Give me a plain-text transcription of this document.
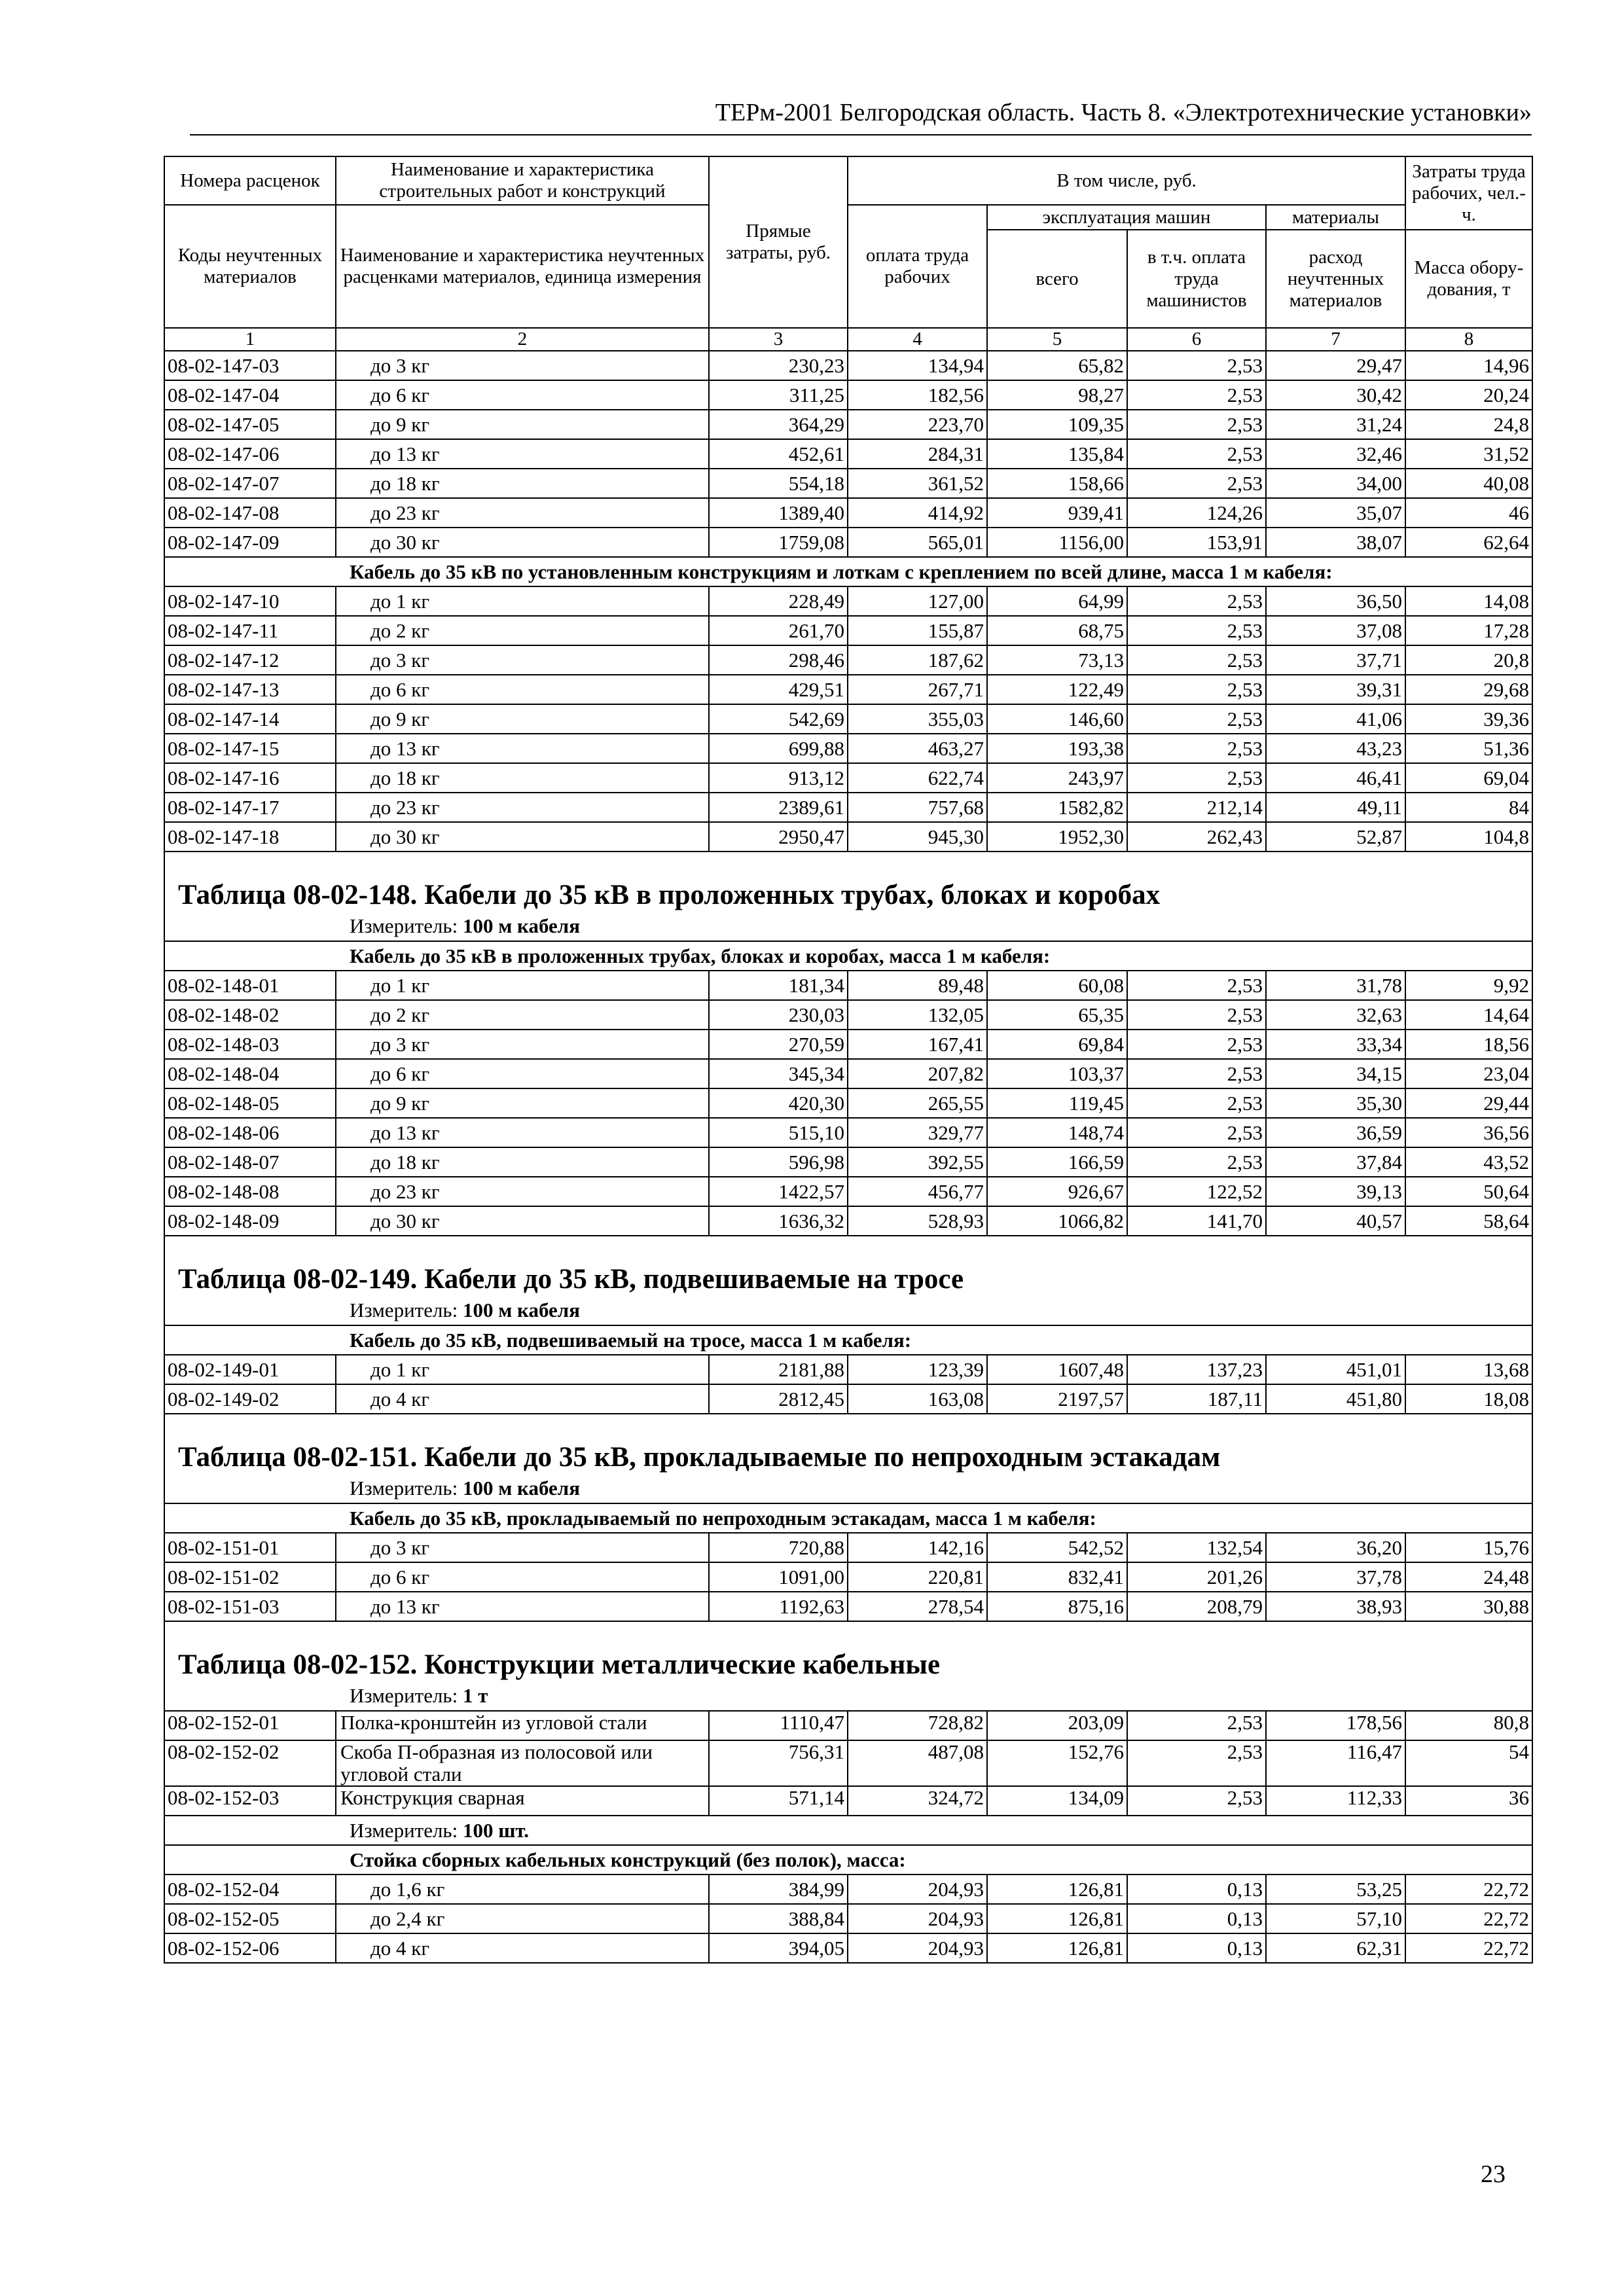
ТЕРм-2001 Белгородская область. Часть 8. «Электротехнические установки»
Номера расценок	Наименование и характеристика строительных работ и конструкций	Прямые затраты, руб.	В том числе, руб.				Затраты труда рабочих, чел.-ч.
Коды неучтенных материалов	Наименование и характеристика неучтенных расценками материалов, единица измерения		оплата труда рабочих	эксплуатация машин		материалы	
				всего	в т.ч. оплата труда машинистов	расход неучтенных материалов	Масса обору-дования, т
1	2	3	4	5	6	7	8
08-02-147-03	до 3 кг	230,23	134,94	65,82	2,53	29,47	14,96
08-02-147-04	до 6 кг	311,25	182,56	98,27	2,53	30,42	20,24
08-02-147-05	до 9 кг	364,29	223,70	109,35	2,53	31,24	24,8
08-02-147-06	до 13 кг	452,61	284,31	135,84	2,53	32,46	31,52
08-02-147-07	до 18 кг	554,18	361,52	158,66	2,53	34,00	40,08
08-02-147-08	до 23 кг	1389,40	414,92	939,41	124,26	35,07	46
08-02-147-09	до 30 кг	1759,08	565,01	1156,00	153,91	38,07	62,64
Кабель до 35 кВ по установленным конструкциям и лоткам с креплением по всей длине, масса 1 м кабеля:							
08-02-147-10	до 1 кг	228,49	127,00	64,99	2,53	36,50	14,08
08-02-147-11	до 2 кг	261,70	155,87	68,75	2,53	37,08	17,28
08-02-147-12	до 3 кг	298,46	187,62	73,13	2,53	37,71	20,8
08-02-147-13	до 6 кг	429,51	267,71	122,49	2,53	39,31	29,68
08-02-147-14	до 9 кг	542,69	355,03	146,60	2,53	41,06	39,36
08-02-147-15	до 13 кг	699,88	463,27	193,38	2,53	43,23	51,36
08-02-147-16	до 18 кг	913,12	622,74	243,97	2,53	46,41	69,04
08-02-147-17	до 23 кг	2389,61	757,68	1582,82	212,14	49,11	84
08-02-147-18	до 30 кг	2950,47	945,30	1952,30	262,43	52,87	104,8

Таблица 08-02-148. Кабели до 35 кВ в проложенных трубах, блоках и коробах							
Измеритель: 100 м кабеля							
Кабель до 35 кВ в проложенных трубах, блоках и коробах, масса 1 м кабеля:							
08-02-148-01	до 1 кг	181,34	89,48	60,08	2,53	31,78	9,92
08-02-148-02	до 2 кг	230,03	132,05	65,35	2,53	32,63	14,64
08-02-148-03	до 3 кг	270,59	167,41	69,84	2,53	33,34	18,56
08-02-148-04	до 6 кг	345,34	207,82	103,37	2,53	34,15	23,04
08-02-148-05	до 9 кг	420,30	265,55	119,45	2,53	35,30	29,44
08-02-148-06	до 13 кг	515,10	329,77	148,74	2,53	36,59	36,56
08-02-148-07	до 18 кг	596,98	392,55	166,59	2,53	37,84	43,52
08-02-148-08	до 23 кг	1422,57	456,77	926,67	122,52	39,13	50,64
08-02-148-09	до 30 кг	1636,32	528,93	1066,82	141,70	40,57	58,64

Таблица 08-02-149. Кабели до 35 кВ, подвешиваемые на тросе							
Измеритель: 100 м кабеля							
Кабель до 35 кВ, подвешиваемый на тросе, масса 1 м кабеля:							
08-02-149-01	до 1 кг	2181,88	123,39	1607,48	137,23	451,01	13,68
08-02-149-02	до 4 кг	2812,45	163,08	2197,57	187,11	451,80	18,08

Таблица 08-02-151. Кабели до 35 кВ, прокладываемые по непроходным эстакадам							
Измеритель: 100 м кабеля							
Кабель до 35 кВ, прокладываемый по непроходным эстакадам, масса 1 м кабеля:							
08-02-151-01	до 3 кг	720,88	142,16	542,52	132,54	36,20	15,76
08-02-151-02	до 6 кг	1091,00	220,81	832,41	201,26	37,78	24,48
08-02-151-03	до 13 кг	1192,63	278,54	875,16	208,79	38,93	30,88

Таблица 08-02-152. Конструкции металлические кабельные							
Измеритель: 1 т							
08-02-152-01	Полка-кронштейн из угловой стали	1110,47	728,82	203,09	2,53	178,56	80,8
08-02-152-02	Скоба П-образная из полосовой или угловой стали	756,31	487,08	152,76	2,53	116,47	54
08-02-152-03	Конструкция сварная	571,14	324,72	134,09	2,53	112,33	36
Измеритель: 100 шт.							
Стойка сборных кабельных конструкций (без полок), масса:							
08-02-152-04	до 1,6 кг	384,99	204,93	126,81	0,13	53,25	22,72
08-02-152-05	до 2,4 кг	388,84	204,93	126,81	0,13	57,10	22,72
08-02-152-06	до 4 кг	394,05	204,93	126,81	0,13	62,31	22,72
23
